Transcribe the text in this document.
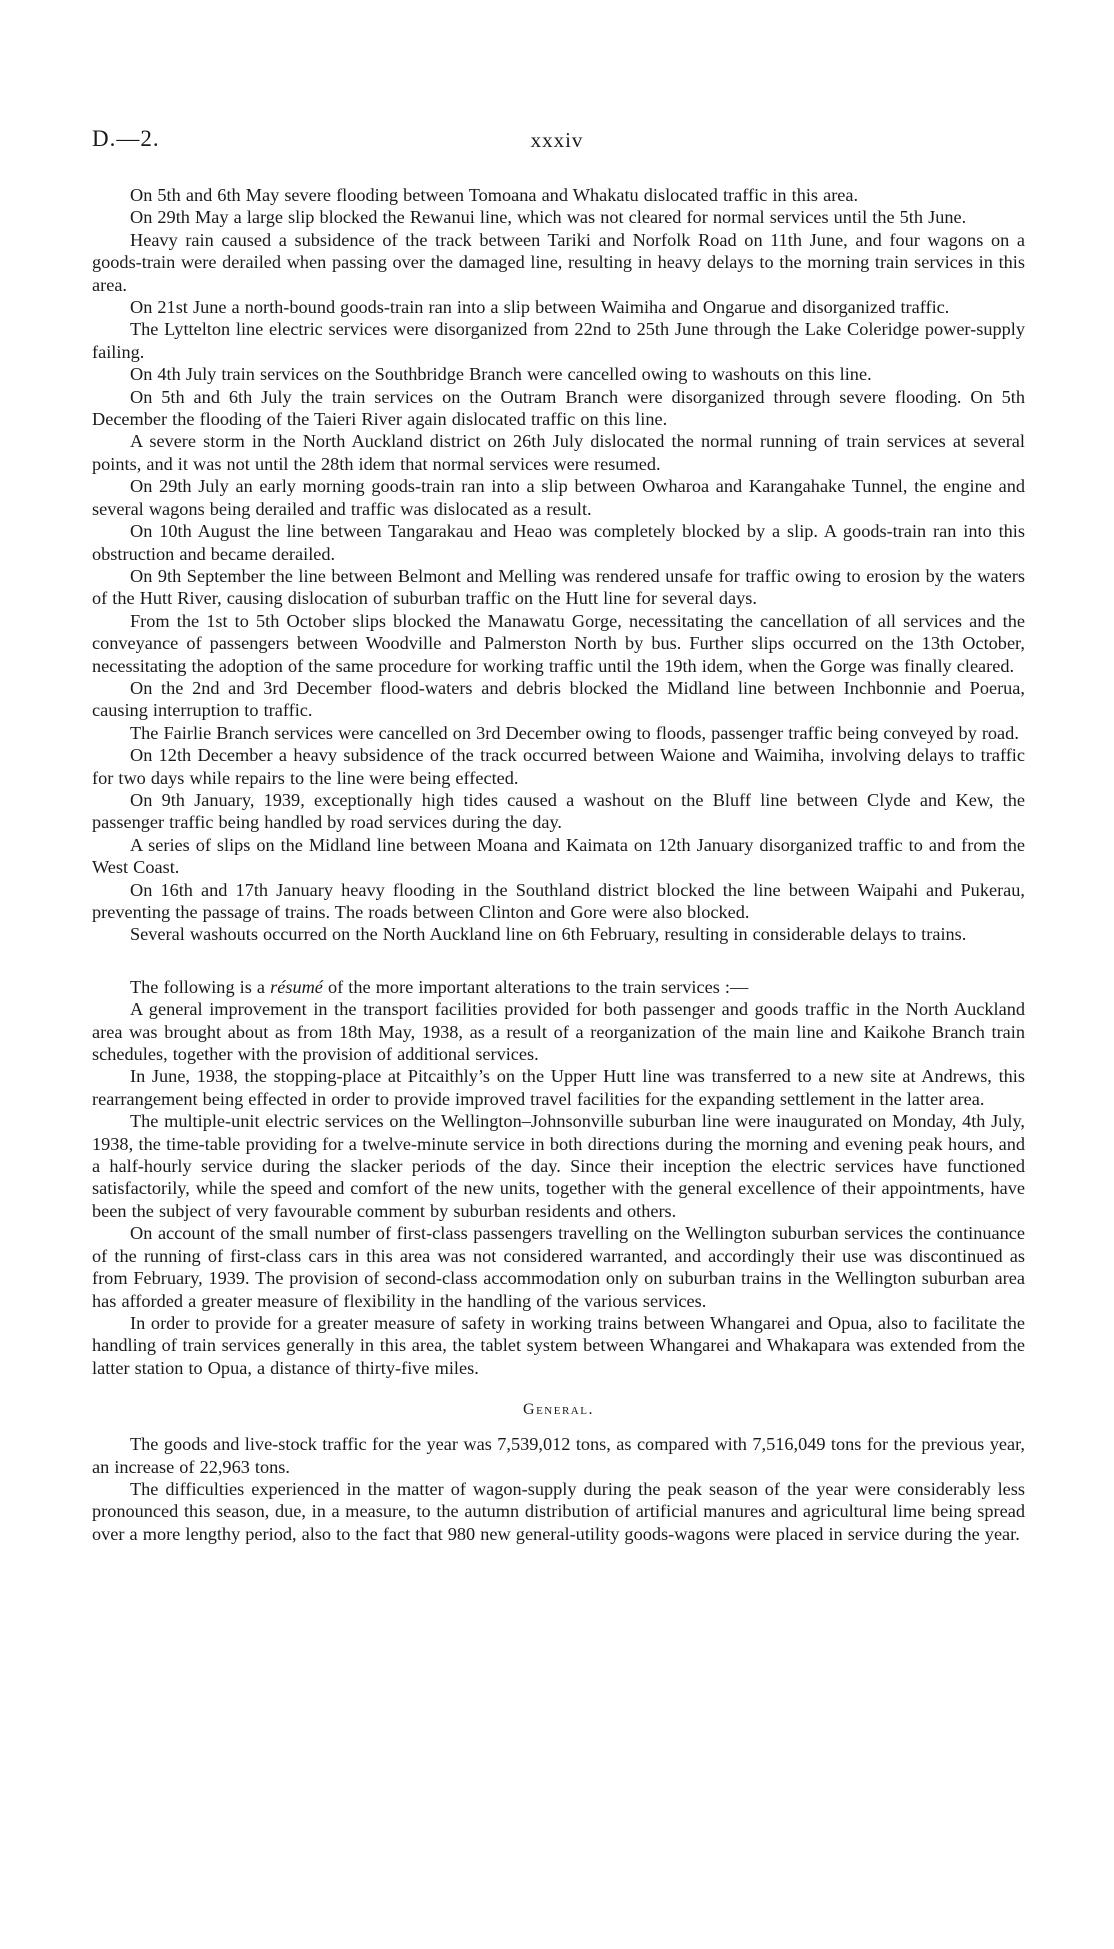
D.—2.	xxxiv

On 5th and 6th May severe flooding between Tomoana and Whakatu dislocated traffic in this area.

On 29th May a large slip blocked the Rewanui line, which was not cleared for normal services until the 5th June.

Heavy rain caused a subsidence of the track between Tariki and Norfolk Road on 11th June, and four wagons on a goods-train were derailed when passing over the damaged line, resulting in heavy delays to the morning train services in this area.

On 21st June a north-bound goods-train ran into a slip between Waimiha and Ongarue and disorganized traffic.

The Lyttelton line electric services were disorganized from 22nd to 25th June through the Lake Coleridge power-supply failing.

On 4th July train services on the Southbridge Branch were cancelled owing to washouts on this line.

On 5th and 6th July the train services on the Outram Branch were disorganized through severe flooding. On 5th December the flooding of the Taieri River again dislocated traffic on this line.

A severe storm in the North Auckland district on 26th July dislocated the normal running of train services at several points, and it was not until the 28th idem that normal services were resumed.

On 29th July an early morning goods-train ran into a slip between Owharoa and Karangahake Tunnel, the engine and several wagons being derailed and traffic was dislocated as a result.

On 10th August the line between Tangarakau and Heao was completely blocked by a slip. A goods-train ran into this obstruction and became derailed.

On 9th September the line between Belmont and Melling was rendered unsafe for traffic owing to erosion by the waters of the Hutt River, causing dislocation of suburban traffic on the Hutt line for several days.

From the 1st to 5th October slips blocked the Manawatu Gorge, necessitating the cancellation of all services and the conveyance of passengers between Woodville and Palmerston North by bus. Further slips occurred on the 13th October, necessitating the adoption of the same procedure for working traffic until the 19th idem, when the Gorge was finally cleared.

On the 2nd and 3rd December flood-waters and debris blocked the Midland line between Inchbonnie and Poerua, causing interruption to traffic.

The Fairlie Branch services were cancelled on 3rd December owing to floods, passenger traffic being conveyed by road.

On 12th December a heavy subsidence of the track occurred between Waione and Waimiha, involving delays to traffic for two days while repairs to the line were being effected.

On 9th January, 1939, exceptionally high tides caused a washout on the Bluff line between Clyde and Kew, the passenger traffic being handled by road services during the day.

A series of slips on the Midland line between Moana and Kaimata on 12th January disorganized traffic to and from the West Coast.

On 16th and 17th January heavy flooding in the Southland district blocked the line between Waipahi and Pukerau, preventing the passage of trains. The roads between Clinton and Gore were also blocked.

Several washouts occurred on the North Auckland line on 6th February, resulting in considerable delays to trains.

The following is a résumé of the more important alterations to the train services :—

A general improvement in the transport facilities provided for both passenger and goods traffic in the North Auckland area was brought about as from 18th May, 1938, as a result of a reorganization of the main line and Kaikohe Branch train schedules, together with the provision of additional services.

In June, 1938, the stopping-place at Pitcaithly’s on the Upper Hutt line was transferred to a new site at Andrews, this rearrangement being effected in order to provide improved travel facilities for the expanding settlement in the latter area.

The multiple-unit electric services on the Wellington–Johnsonville suburban line were inaugurated on Monday, 4th July, 1938, the time-table providing for a twelve-minute service in both directions during the morning and evening peak hours, and a half-hourly service during the slacker periods of the day. Since their inception the electric services have functioned satisfactorily, while the speed and comfort of the new units, together with the general excellence of their appointments, have been the subject of very favourable comment by suburban residents and others.

On account of the small number of first-class passengers travelling on the Wellington suburban services the continuance of the running of first-class cars in this area was not considered warranted, and accordingly their use was discontinued as from February, 1939. The provision of second-class accommodation only on suburban trains in the Wellington suburban area has afforded a greater measure of flexibility in the handling of the various services.

In order to provide for a greater measure of safety in working trains between Whangarei and Opua, also to facilitate the handling of train services generally in this area, the tablet system between Whangarei and Whakapara was extended from the latter station to Opua, a distance of thirty-five miles.

General.

The goods and live-stock traffic for the year was 7,539,012 tons, as compared with 7,516,049 tons for the previous year, an increase of 22,963 tons.

The difficulties experienced in the matter of wagon-supply during the peak season of the year were considerably less pronounced this season, due, in a measure, to the autumn distribution of artificial manures and agricultural lime being spread over a more lengthy period, also to the fact that 980 new general-utility goods-wagons were placed in service during the year.
